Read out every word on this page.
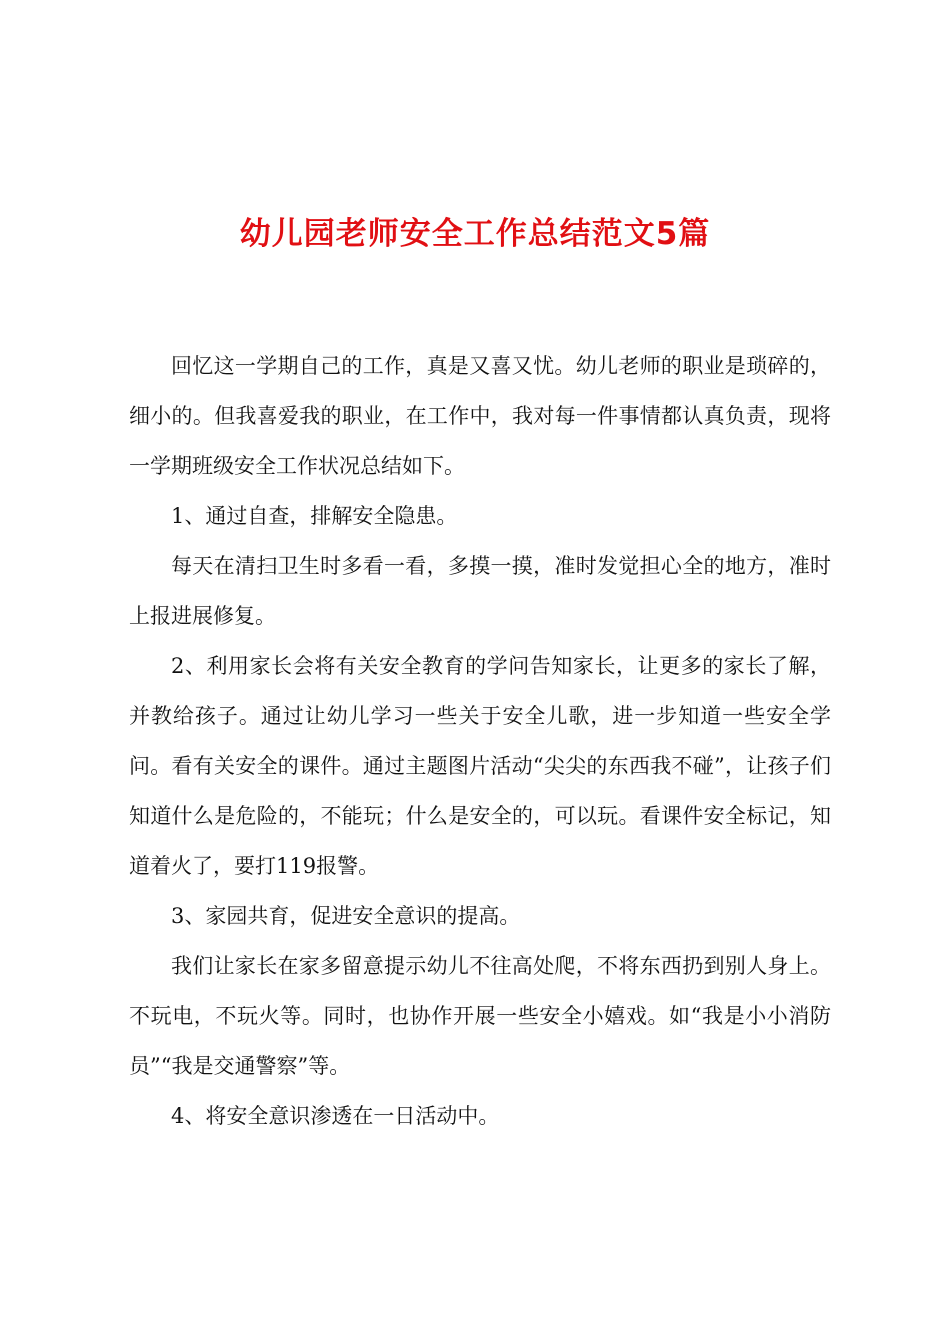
幼儿园老师安全工作总结范文5篇

回忆这一学期自己的工作，真是又喜又忧。幼儿老师的职业是琐碎的，细小的。但我喜爱我的职业，在工作中，我对每一件事情都认真负责，现将一学期班级安全工作状况总结如下。

1、通过自查，排解安全隐患。

每天在清扫卫生时多看一看，多摸一摸，准时发觉担心全的地方，准时上报进展修复。

2、利用家长会将有关安全教育的学问告知家长，让更多的家长了解，并教给孩子。通过让幼儿学习一些关于安全儿歌，进一步知道一些安全学问。看有关安全的课件。通过主题图片活动“尖尖的东西我不碰”，让孩子们知道什么是危险的，不能玩；什么是安全的，可以玩。看课件安全标记，知道着火了，要打119报警。

3、家园共育，促进安全意识的提高。

我们让家长在家多留意提示幼儿不往高处爬，不将东西扔到别人身上。不玩电，不玩火等。同时，也协作开展一些安全小嬉戏。如“我是小小消防员”“我是交通警察”等。

4、将安全意识渗透在一日活动中。
